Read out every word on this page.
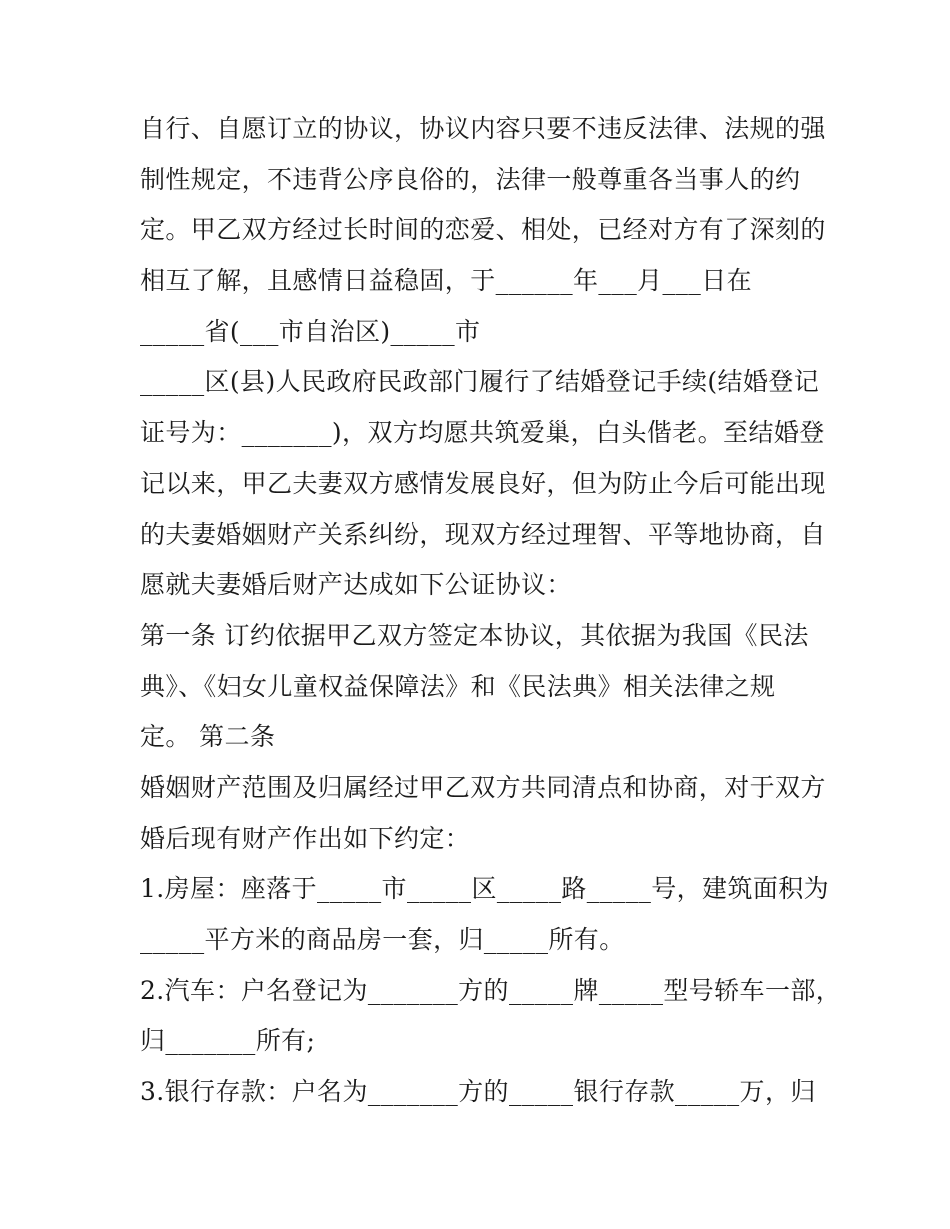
自行、自愿订立的协议，协议内容只要不违反法律、法规的强
制性规定，不违背公序良俗的，法律一般尊重各当事人的约
定。甲乙双方经过长时间的恋爱、相处，已经对方有了深刻的
相互了解，且感情日益稳固，于______年___月___日在
_____省(___市自治区)_____市
_____区(县)人民政府民政部门履行了结婚登记手续(结婚登记
证号为：_______)，双方均愿共筑爱巢，白头偕老。至结婚登
记以来，甲乙夫妻双方感情发展良好，但为防止今后可能出现
的夫妻婚姻财产关系纠纷，现双方经过理智、平等地协商，自
愿就夫妻婚后财产达成如下公证协议：
第一条 订约依据甲乙双方签定本协议，其依据为我国《民法
典》、《妇女儿童权益保障法》和《民法典》相关法律之规
定。 第二条
婚姻财产范围及归属经过甲乙双方共同清点和协商，对于双方
婚后现有财产作出如下约定：
1.房屋：座落于_____市_____区_____路_____号，建筑面积为
_____平方米的商品房一套，归_____所有。
2.汽车：户名登记为_______方的_____牌_____型号轿车一部，
归_______所有;
3.银行存款：户名为_______方的_____银行存款_____万，归
